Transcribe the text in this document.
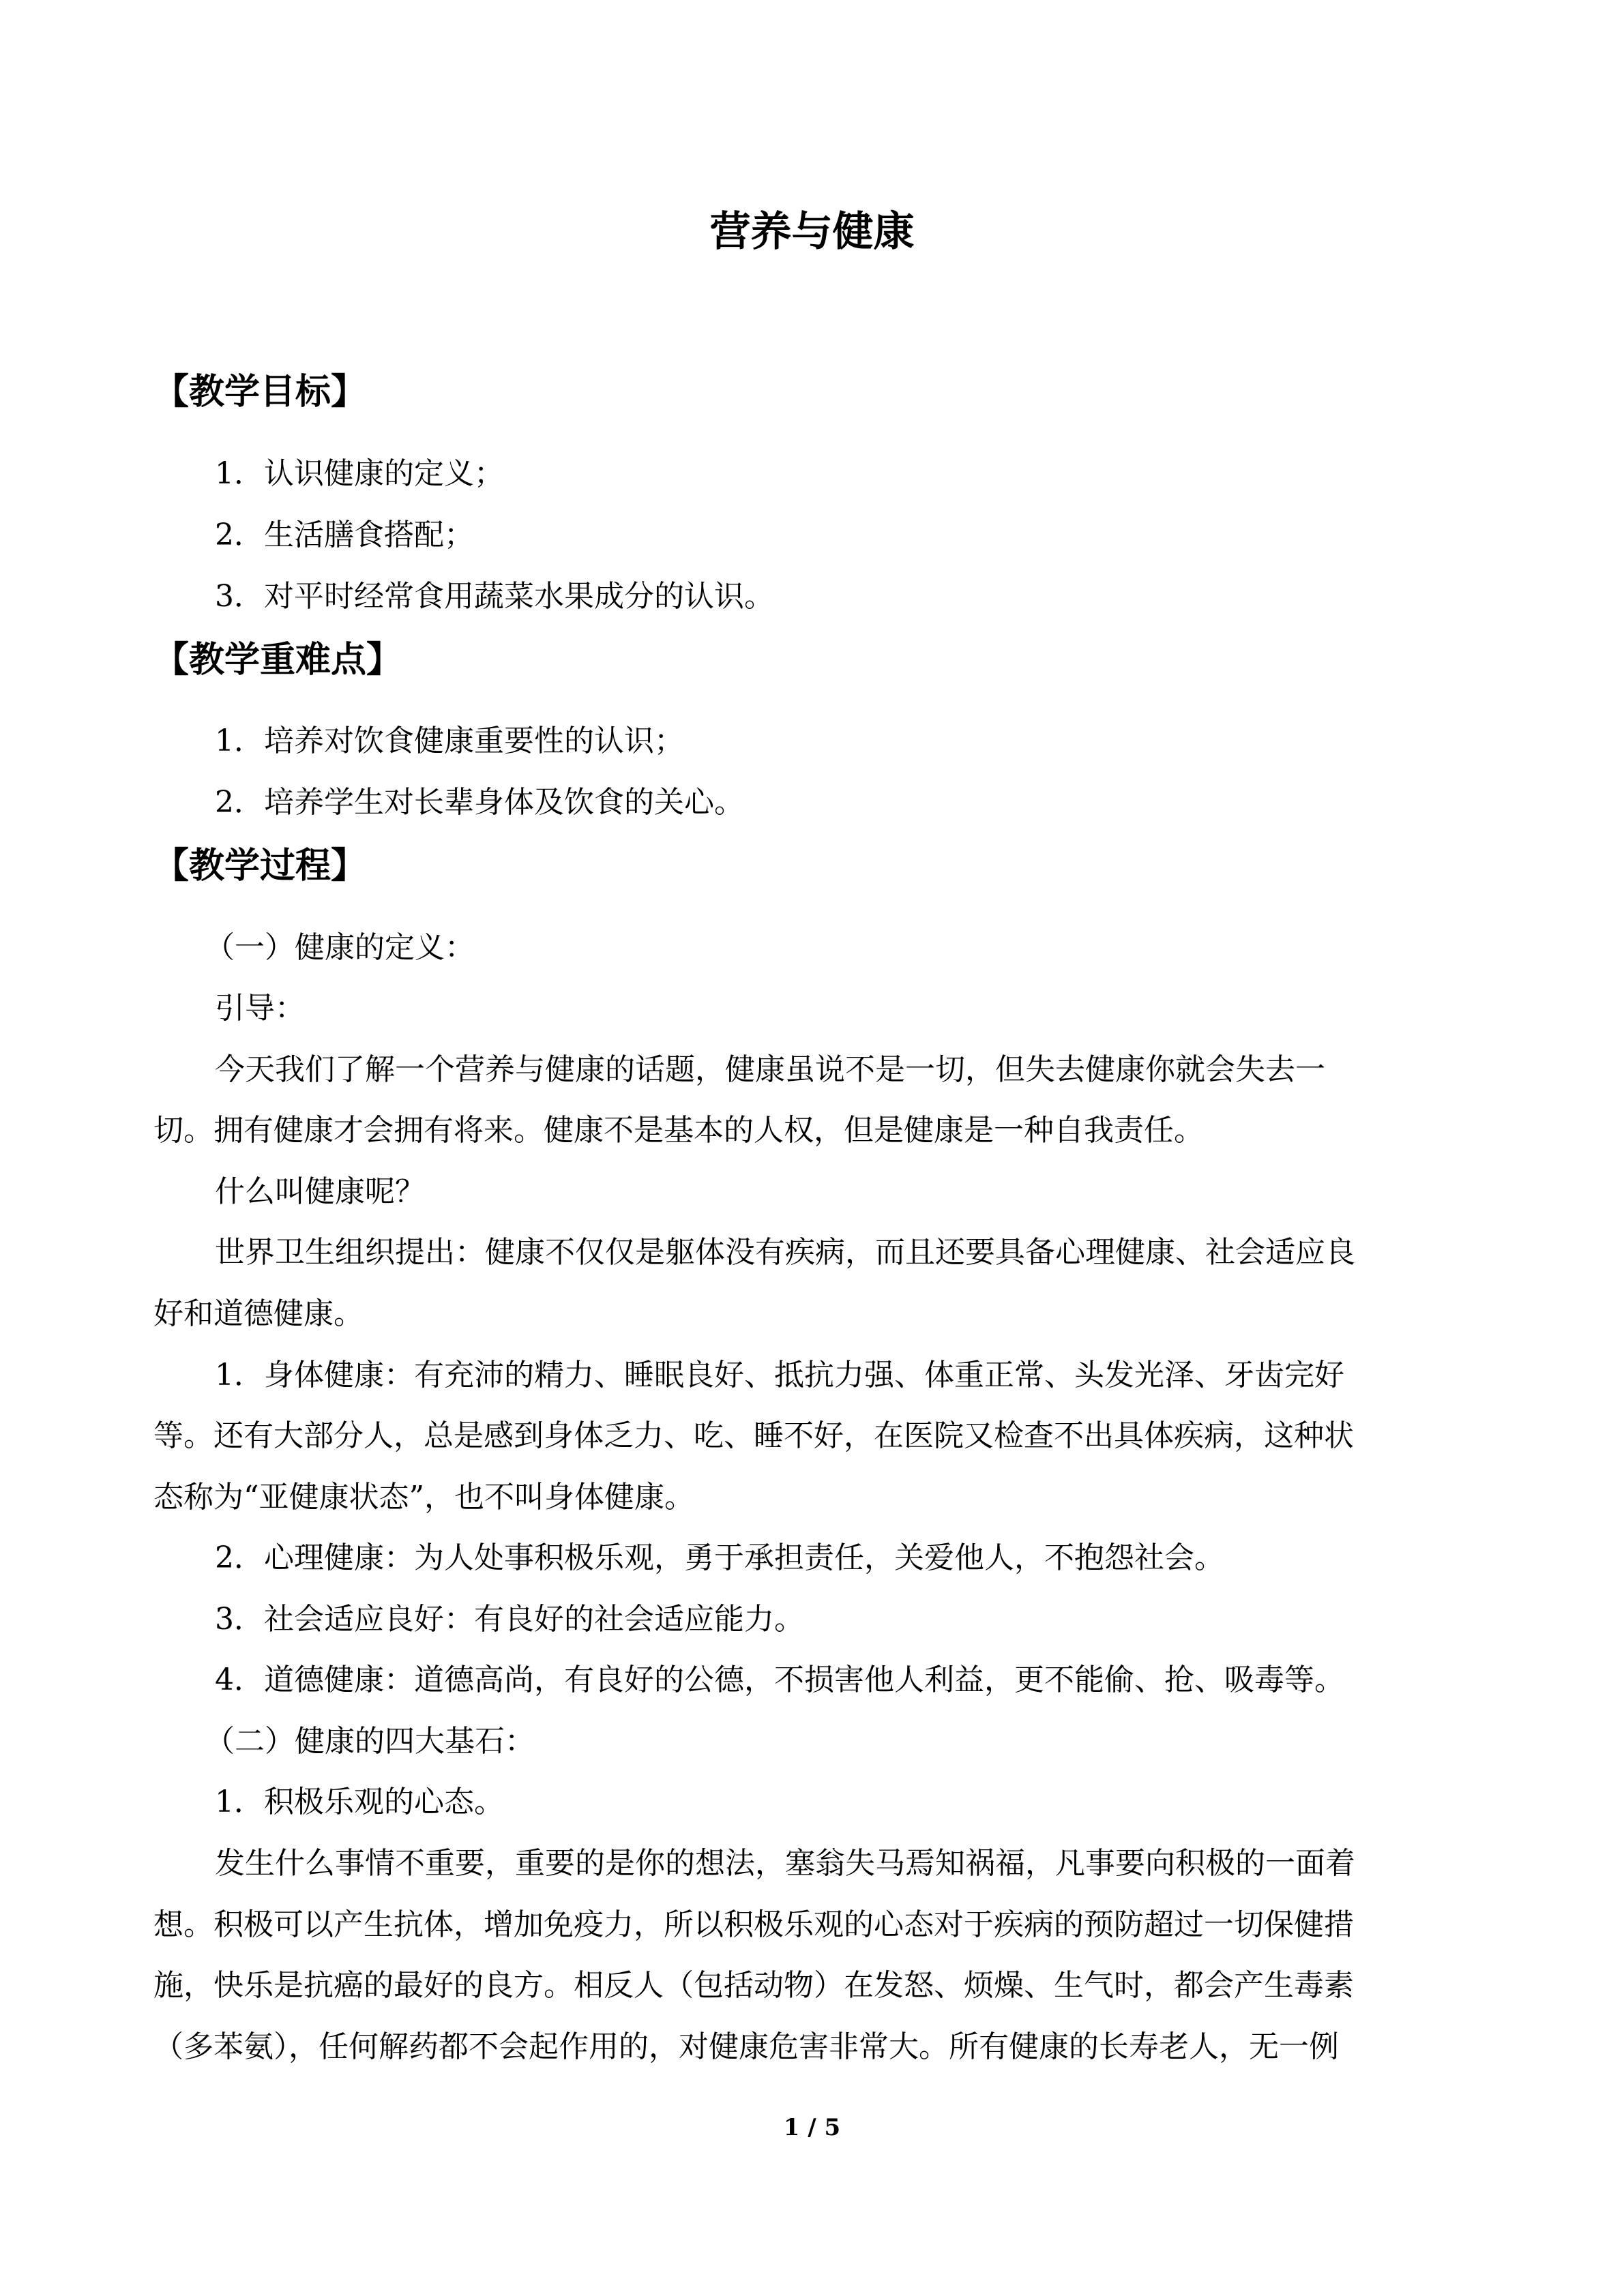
营养与健康
【教学目标】

1．认识健康的定义；

2．生活膳食搭配；

3．对平时经常食用蔬菜水果成分的认识。

【教学重难点】

1．培养对饮食健康重要性的认识；

2．培养学生对长辈身体及饮食的关心。

【教学过程】

（一）健康的定义：

引导：

今天我们了解一个营养与健康的话题，健康虽说不是一切，但失去健康你就会失去一

切。拥有健康才会拥有将来。健康不是基本的人权，但是健康是一种自我责任。

什么叫健康呢？

世界卫生组织提出：健康不仅仅是躯体没有疾病，而且还要具备心理健康、社会适应良

好和道德健康。

1．身体健康：有充沛的精力、睡眠良好、抵抗力强、体重正常、头发光泽、牙齿完好

等。还有大部分人，总是感到身体乏力、吃、睡不好，在医院又检查不出具体疾病，这种状

态称为“亚健康状态”，也不叫身体健康。

2．心理健康：为人处事积极乐观，勇于承担责任，关爱他人，不抱怨社会。

3．社会适应良好：有良好的社会适应能力。

4．道德健康：道德高尚，有良好的公德，不损害他人利益，更不能偷、抢、吸毒等。

（二）健康的四大基石：

1．积极乐观的心态。

发生什么事情不重要，重要的是你的想法，塞翁失马焉知祸福，凡事要向积极的一面着

想。积极可以产生抗体，增加免疫力，所以积极乐观的心态对于疾病的预防超过一切保健措

施，快乐是抗癌的最好的良方。相反人（包括动物）在发怒、烦燥、生气时，都会产生毒素

（多苯氨），任何解药都不会起作用的，对健康危害非常大。所有健康的长寿老人，无一例

1 / 5
